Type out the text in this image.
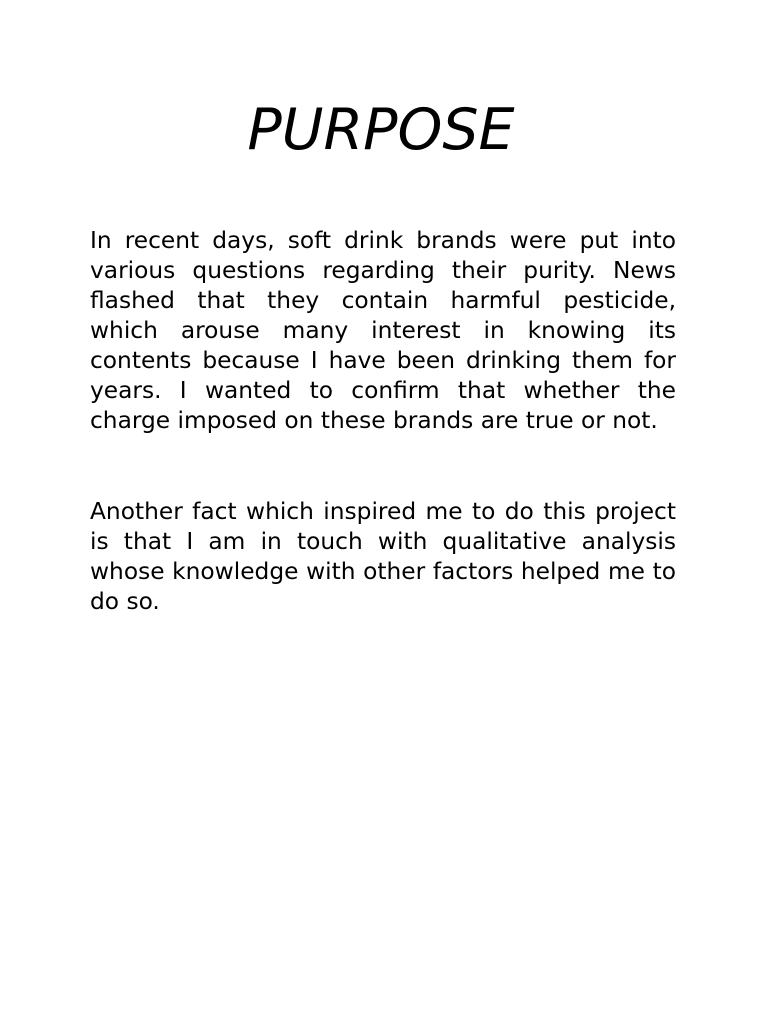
PURPOSE

In recent days, soft drink brands were put into various questions regarding their purity. News flashed that they contain harmful pesticide, which arouse many interest in knowing its contents because I have been drinking them for years. I wanted to confirm that whether the charge imposed on these brands are true or not.

Another fact which inspired me to do this project is that I am in touch with qualitative analysis whose knowledge with other factors helped me to do so.
